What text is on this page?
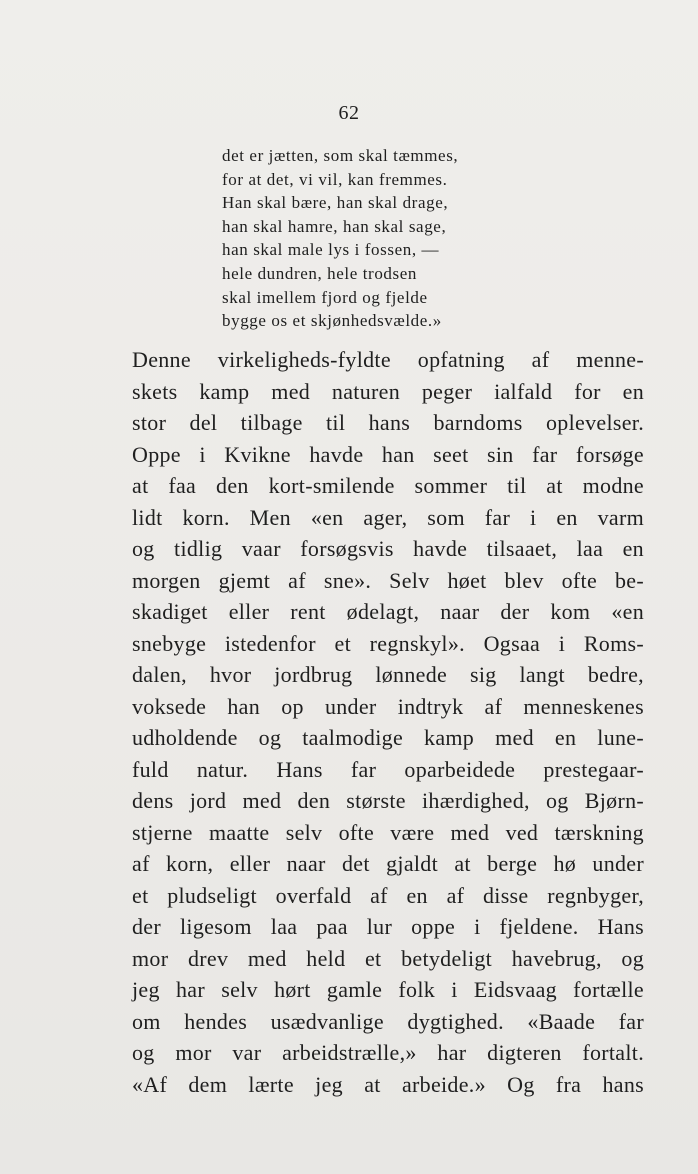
62
det er jætten, som skal tæmmes,
for at det, vi vil, kan fremmes.
Han skal bære, han skal drage,
han skal hamre, han skal sage,
han skal male lys i fossen, —
hele dundren, hele trodsen
skal imellem fjord og fjelde
bygge os et skjønhedsvælde.»
Denne virkeligheds-fyldte opfatning af menne-
skets kamp med naturen peger ialfald for en
stor del tilbage til hans barndoms oplevelser.
Oppe i Kvikne havde han seet sin far forsøge
at faa den kort-smilende sommer til at modne
lidt korn. Men «en ager, som far i en varm
og tidlig vaar forsøgsvis havde tilsaaet, laa en
morgen gjemt af sne». Selv høet blev ofte be-
skadiget eller rent ødelagt, naar der kom «en
snebyge istedenfor et regnskyl». Ogsaa i Roms-
dalen, hvor jordbrug lønnede sig langt bedre,
voksede han op under indtryk af menneskenes
udholdende og taalmodige kamp med en lune-
fuld natur. Hans far oparbeidede prestegaar-
dens jord med den største ihærdighed, og Bjørn-
stjerne maatte selv ofte være med ved tærskning
af korn, eller naar det gjaldt at berge hø under
et pludseligt overfald af en af disse regnbyger,
der ligesom laa paa lur oppe i fjeldene. Hans
mor drev med held et betydeligt havebrug, og
jeg har selv hørt gamle folk i Eidsvaag fortælle
om hendes usædvanlige dygtighed. «Baade far
og mor var arbeidstrælle,» har digteren fortalt.
«Af dem lærte jeg at arbeide.» Og fra hans
